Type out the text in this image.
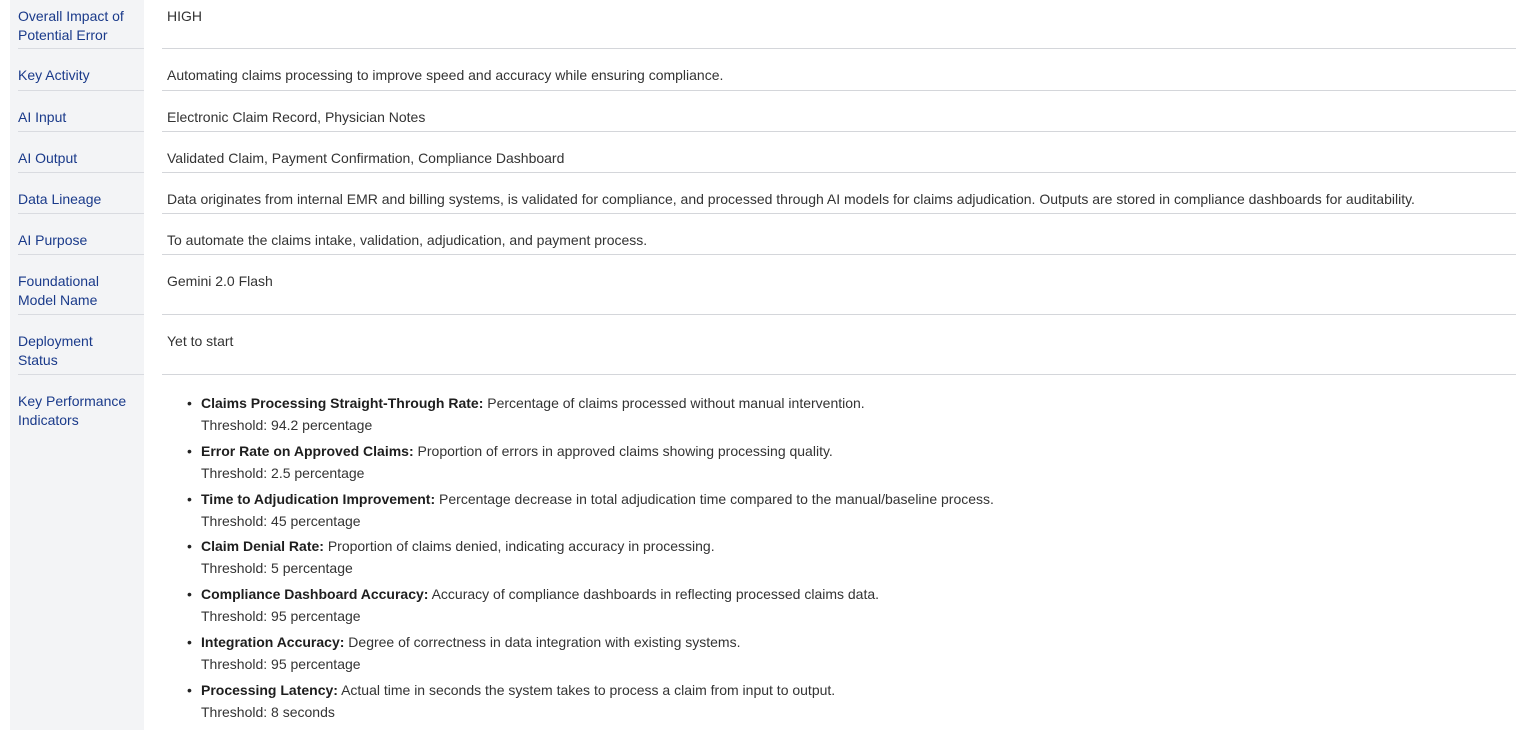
Overall Impact of Potential Error
Key Activity
AI Input
AI Output
Data Lineage
AI Purpose
Foundational Model Name
Deployment Status
Key Performance Indicators
HIGH
Automating claims processing to improve speed and accuracy while ensuring compliance.
Electronic Claim Record, Physician Notes
Validated Claim, Payment Confirmation, Compliance Dashboard
Data originates from internal EMR and billing systems, is validated for compliance, and processed through AI models for claims adjudication. Outputs are stored in compliance dashboards for auditability.
To automate the claims intake, validation, adjudication, and payment process.
Gemini 2.0 Flash
Yet to start
• Claims Processing Straight-Through Rate: Percentage of claims processed without manual intervention.
Threshold: 94.2 percentage
• Error Rate on Approved Claims: Proportion of errors in approved claims showing processing quality.
Threshold: 2.5 percentage
• Time to Adjudication Improvement: Percentage decrease in total adjudication time compared to the manual/baseline process.
Threshold: 45 percentage
• Claim Denial Rate: Proportion of claims denied, indicating accuracy in processing.
Threshold: 5 percentage
• Compliance Dashboard Accuracy: Accuracy of compliance dashboards in reflecting processed claims data.
Threshold: 95 percentage
• Integration Accuracy: Degree of correctness in data integration with existing systems.
Threshold: 95 percentage
• Processing Latency: Actual time in seconds the system takes to process a claim from input to output.
Threshold: 8 seconds
